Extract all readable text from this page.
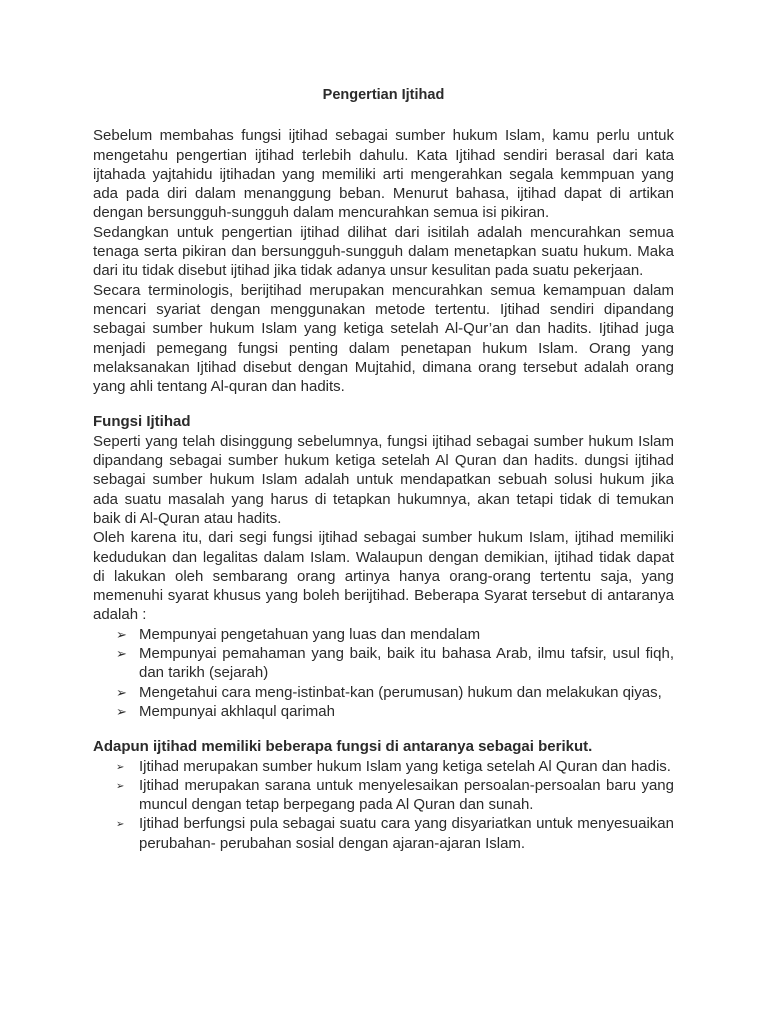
Pengertian Ijtihad

Sebelum membahas fungsi ijtihad sebagai sumber hukum Islam, kamu perlu untuk mengetahu pengertian ijtihad terlebih dahulu. Kata Ijtihad sendiri berasal dari kata ijtahada yajtahidu ijtihadan yang memiliki arti mengerahkan segala kemmpuan yang ada pada diri dalam menanggung beban. Menurut bahasa, ijtihad dapat di artikan dengan bersungguh-sungguh dalam mencurahkan semua isi pikiran.

Sedangkan untuk pengertian ijtihad dilihat dari isitilah adalah mencurahkan semua tenaga serta pikiran dan bersungguh-sungguh dalam menetapkan suatu hukum. Maka dari itu tidak disebut ijtihad jika tidak adanya unsur kesulitan pada suatu pekerjaan.

Secara terminologis, berijtihad merupakan mencurahkan semua kemampuan dalam mencari syariat dengan menggunakan metode tertentu. Ijtihad sendiri dipandang sebagai sumber hukum Islam yang ketiga setelah Al-Qur’an dan hadits. Ijtihad juga menjadi pemegang fungsi penting dalam penetapan hukum Islam. Orang yang melaksanakan Ijtihad disebut dengan Mujtahid, dimana orang tersebut adalah orang yang ahli tentang Al-quran dan hadits.

Fungsi Ijtihad

Seperti yang telah disinggung sebelumnya, fungsi ijtihad sebagai sumber hukum Islam dipandang sebagai sumber hukum ketiga setelah Al Quran dan hadits. dungsi ijtihad sebagai sumber hukum Islam adalah untuk mendapatkan sebuah solusi hukum jika ada suatu masalah yang harus di tetapkan hukumnya, akan tetapi tidak di temukan baik di Al-Quran atau hadits.

Oleh karena itu, dari segi fungsi ijtihad sebagai sumber hukum Islam, ijtihad memiliki kedudukan dan legalitas dalam Islam. Walaupun dengan demikian, ijtihad tidak dapat di lakukan oleh sembarang orang artinya hanya orang-orang tertentu saja, yang memenuhi syarat khusus yang boleh berijtihad. Beberapa Syarat tersebut di antaranya adalah :

➢ Mempunyai pengetahuan yang luas dan mendalam
➢ Mempunyai pemahaman yang baik, baik itu bahasa Arab, ilmu tafsir, usul fiqh, dan tarikh (sejarah)
➢ Mengetahui cara meng-istinbat-kan (perumusan) hukum dan melakukan qiyas,
➢ Mempunyai akhlaqul qarimah

Adapun ijtihad memiliki beberapa fungsi di antaranya sebagai berikut.

➢ Ijtihad merupakan sumber hukum Islam yang ketiga setelah Al Quran dan hadis.
➢ Ijtihad merupakan sarana untuk menyelesaikan persoalan-persoalan baru yang muncul dengan tetap berpegang pada Al Quran dan sunah.
➢ Ijtihad berfungsi pula sebagai suatu cara yang disyariatkan untuk menyesuaikan perubahan- perubahan sosial dengan ajaran-ajaran Islam.
